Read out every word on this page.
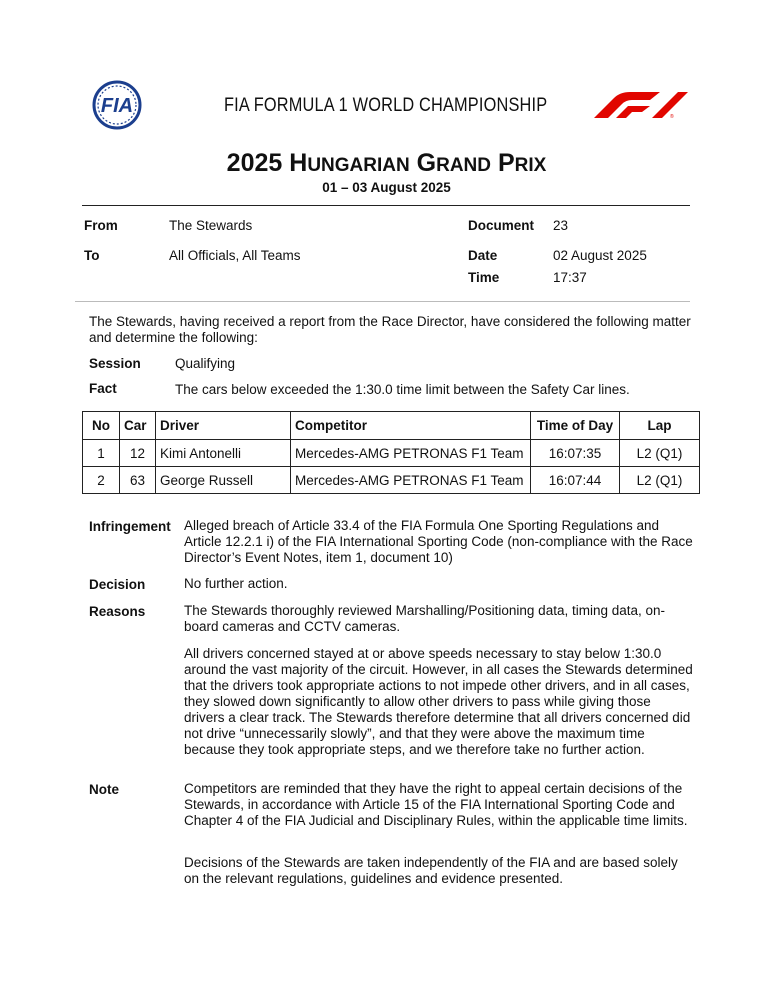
FIA	FIA FORMULA 1 WORLD CHAMPIONSHIP
®
2025 HUNGARIAN GRAND PRIX
01 – 03 August 2025
From	The Stewards
To	All Officials, All Teams
Document 23
Date	02 August 2025
Time	17:37
The Stewards, having received a report from the Race Director, have considered the following matter and determine the following:
Session	Qualifying
Fact	The cars below exceeded the 1:30.0 time limit between the Safety Car lines.
No	Car	Driver	Competitor	Time of Day	Lap
1	12	Kimi Antonelli	Mercedes-AMG PETRONAS F1 Team	16:07:35	L2 (Q1)
2	63	George Russell	Mercedes-AMG PETRONAS F1 Team	16:07:44	L2 (Q1)
Infringement Alleged breach of Article 33.4 of the FIA Formula One Sporting Regulations and Article 12.2.1 i) of the FIA International Sporting Code (non-compliance with the Race Director’s Event Notes, item 1, document 10)
Decision	No further action.
Reasons	The Stewards thoroughly reviewed Marshalling/Positioning data, timing data, on-board cameras and CCTV cameras.
All drivers concerned stayed at or above speeds necessary to stay below 1:30.0 around the vast majority of the circuit. However, in all cases the Stewards determined that the drivers took appropriate actions to not impede other drivers, and in all cases, they slowed down significantly to allow other drivers to pass while giving those drivers a clear track. The Stewards therefore determine that all drivers concerned did not drive “unnecessarily slowly”, and that they were above the maximum time because they took appropriate steps, and we therefore take no further action.
Note	Competitors are reminded that they have the right to appeal certain decisions of the Stewards, in accordance with Article 15 of the FIA International Sporting Code and Chapter 4 of the FIA Judicial and Disciplinary Rules, within the applicable time limits.
Decisions of the Stewards are taken independently of the FIA and are based solely on the relevant regulations, guidelines and evidence presented.
